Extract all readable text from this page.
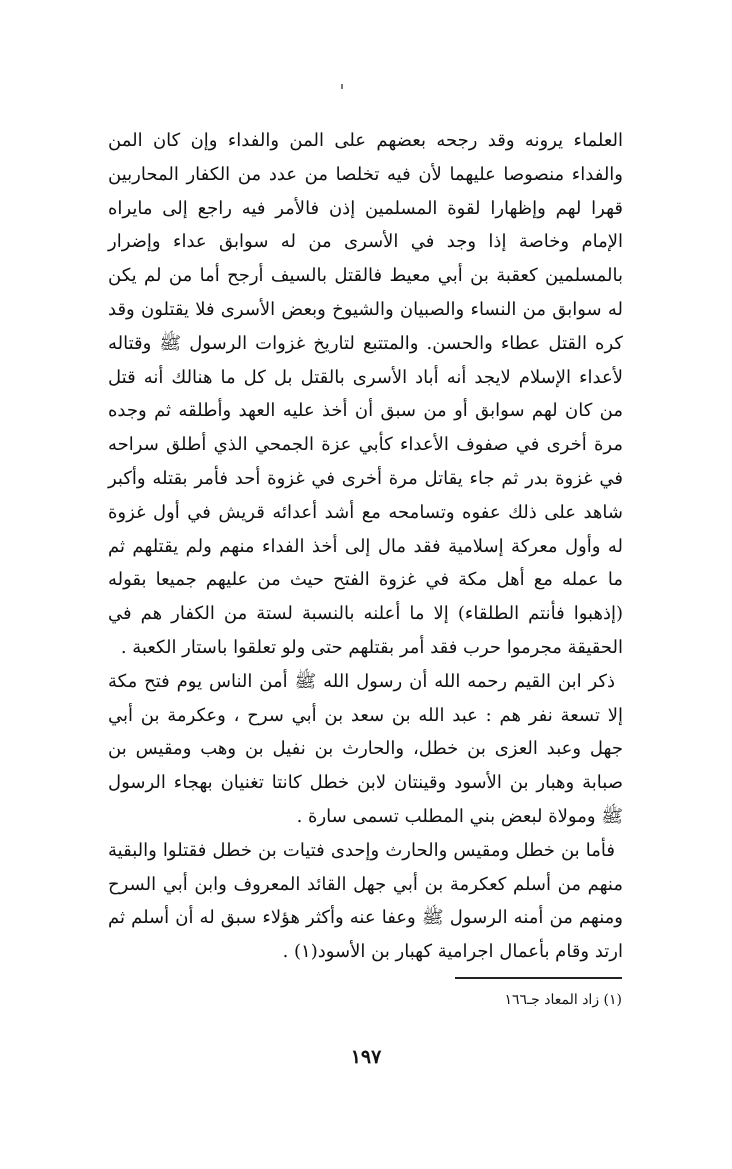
العلماء يرونه وقد رجحه بعضهم على المن والفداء وإن كان المن والفداء منصوصا عليهما لأن فيه تخلصا من عدد من الكفار المحاربين قهرا لهم وإظهارا لقوة المسلمين إذن فالأمر فيه راجع إلى مايراه الإمام وخاصة إذا وجد في الأسرى من له سوابق عداء وإضرار بالمسلمين كعقبة بن أبي معيط فالقتل بالسيف أرجح أما من لم يكن له سوابق من النساء والصبيان والشيوخ وبعض الأسرى فلا يقتلون وقد كره القتل عطاء والحسن. والمتتبع لتاريخ غزوات الرسول ﷺ وقتاله لأعداء الإسلام لايجد أنه أباد الأسرى بالقتل بل كل ما هنالك أنه قتل من كان لهم سوابق أو من سبق أن أخذ عليه العهد وأطلقه ثم وجده مرة أخرى في صفوف الأعداء كأبي عزة الجمحي الذي أطلق سراحه في غزوة بدر ثم جاء يقاتل مرة أخرى في غزوة أحد فأمر بقتله وأكبر شاهد على ذلك عفوه وتسامحه مع أشد أعدائه قريش في أول غزوة له وأول معركة إسلامية فقد مال إلى أخذ الفداء منهم ولم يقتلهم ثم ما عمله مع أهل مكة في غزوة الفتح حيث من عليهم جميعا بقوله (إذهبوا فأنتم الطلقاء) إلا ما أعلنه بالنسبة لستة من الكفار هم في الحقيقة مجرموا حرب فقد أمر بقتلهم حتى ولو تعلقوا باستار الكعبة .

ذكر ابن القيم رحمه الله أن رسول الله ﷺ أمن الناس يوم فتح مكة إلا تسعة نفر هم : عبد الله بن سعد بن أبي سرح ، وعكرمة بن أبي جهل وعبد العزى بن خطل، والحارث بن نفيل بن وهب ومقيس بن صبابة وهبار بن الأسود وقينتان لابن خطل كانتا تغنيان بهجاء الرسول ﷺ ومولاة لبعض بني المطلب تسمى سارة .

فأما بن خطل ومقيس والحارث وإحدى فتيات بن خطل فقتلوا والبقية منهم من أسلم كعكرمة بن أبي جهل القائد المعروف وابن أبي السرح ومنهم من أمنه الرسول ﷺ وعفا عنه وأكثر هؤلاء سبق له أن أسلم ثم ارتد وقام بأعمال اجرامية كهبار بن الأسود(١) .

(١) زاد المعاد جـ١٦٦
١٩٧
